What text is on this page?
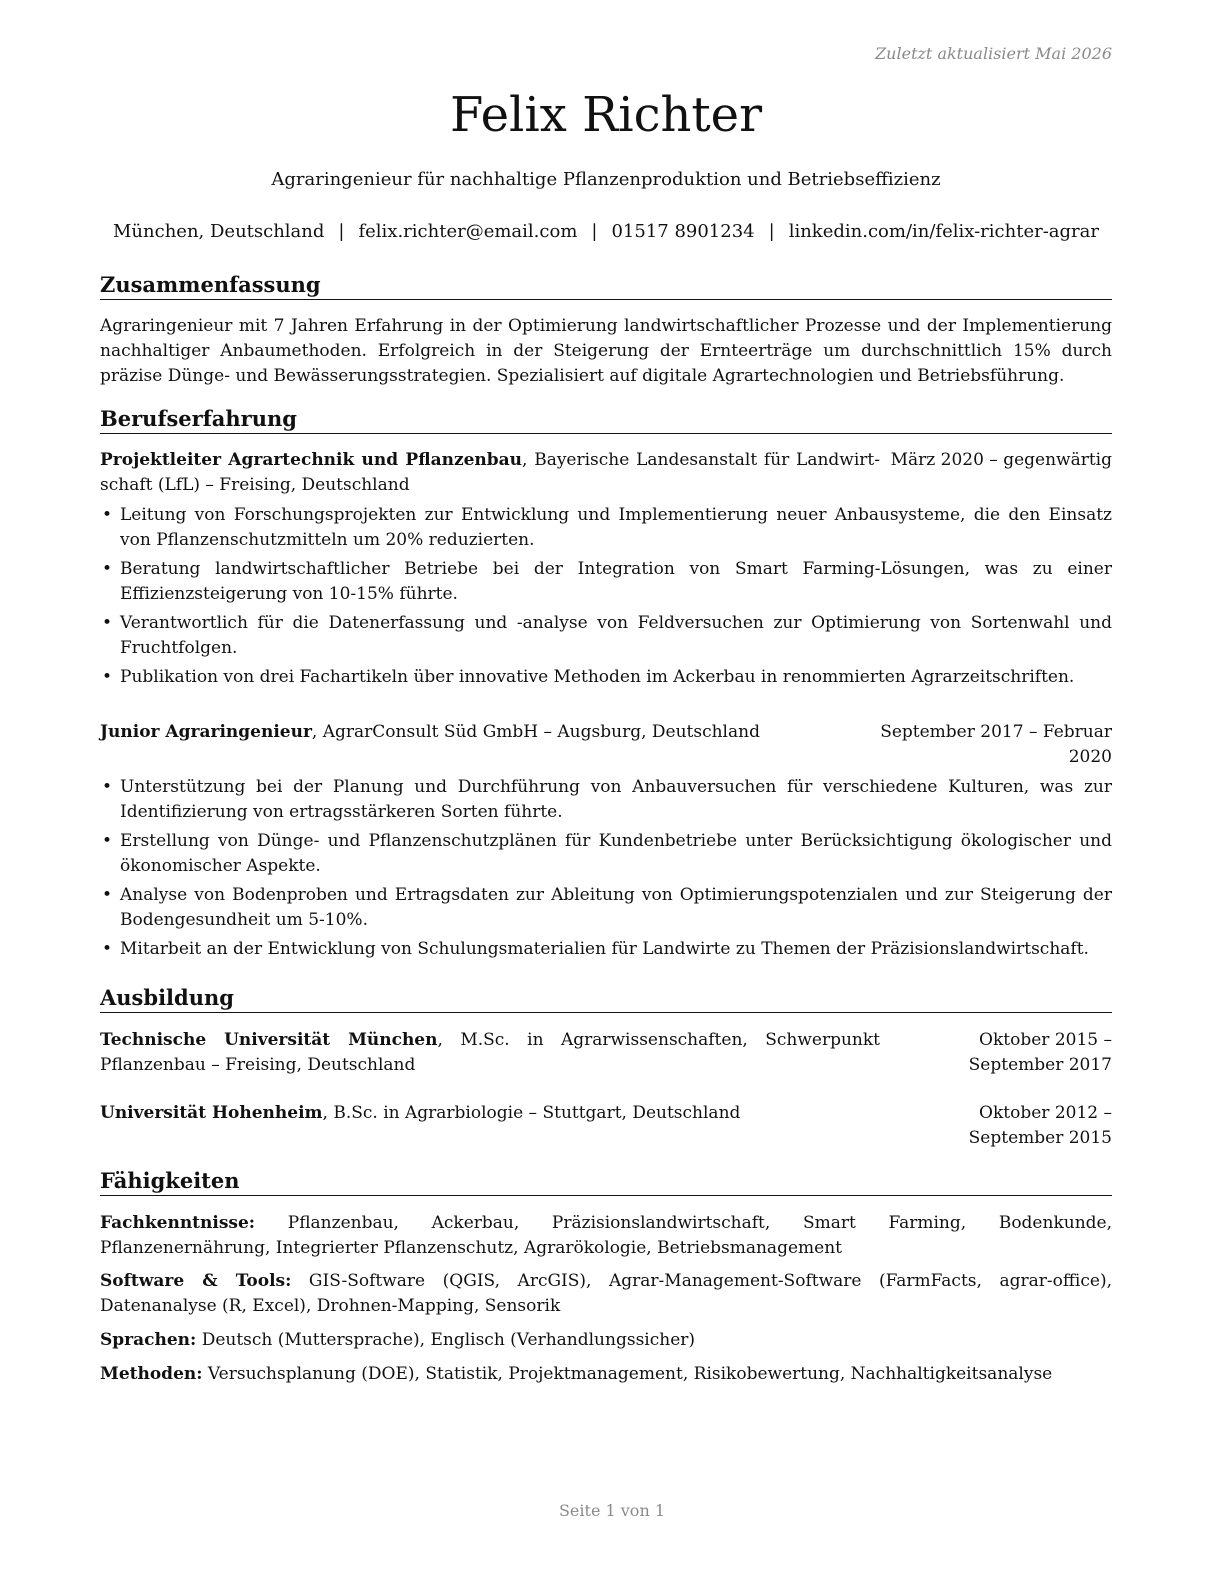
Zuletzt aktualisiert Mai 2026
Felix Richter
Agraringenieur für nachhaltige Pflanzenproduktion und Betriebseffizienz
München, Deutschland | felix.richter@email.com | 01517 8901234 | linkedin.com/in/felix-richter-agrar
Zusammenfassung
Agraringenieur mit 7 Jahren Erfahrung in der Optimierung landwirtschaftlicher Prozesse und der Implementierung nachhaltiger Anbaumethoden. Erfolgreich in der Steigerung der Ernteerträge um durchschnittlich 15% durch präzise Dünge- und Bewässerungsstrategien. Spezialisiert auf digitale Agrartechnologien und Betriebsführung.
Berufserfahrung
Projektleiter Agrartechnik und Pflanzenbau, Bayerische Landesanstalt für Landwirtschaft (LfL) – Freising, Deutschland
März 2020 – gegenwärtig
• Leitung von Forschungsprojekten zur Entwicklung und Implementierung neuer Anbausysteme, die den Einsatz von Pflanzenschutzmitteln um 20% reduzierten.
• Beratung landwirtschaftlicher Betriebe bei der Integration von Smart Farming-Lösungen, was zu einer Effizienzsteigerung von 10-15% führte.
• Verantwortlich für die Datenerfassung und -analyse von Feldversuchen zur Optimierung von Sortenwahl und Fruchtfolgen.
• Publikation von drei Fachartikeln über innovative Methoden im Ackerbau in renommierten Agrarzeitschriften.
Junior Agraringenieur, AgrarConsult Süd GmbH – Augsburg, Deutschland	September 2017 – Februar 2020
• Unterstützung bei der Planung und Durchführung von Anbauversuchen für verschiedene Kulturen, was zur Identifizierung von ertragsstärkeren Sorten führte.
• Erstellung von Dünge- und Pflanzenschutzplänen für Kundenbetriebe unter Berücksichtigung ökologischer und ökonomischer Aspekte.
• Analyse von Bodenproben und Ertragsdaten zur Ableitung von Optimierungspotenzialen und zur Steigerung der Bodengesundheit um 5-10%.
• Mitarbeit an der Entwicklung von Schulungsmaterialien für Landwirte zu Themen der Präzisionslandwirtschaft.
Ausbildung
Technische Universität München, M.Sc. in Agrarwissenschaften, Schwerpunkt Pflanzenbau – Freising, Deutschland
Oktober 2015 – September 2017
Universität Hohenheim, B.Sc. in Agrarbiologie – Stuttgart, Deutschland	Oktober 2012 – September 2015
Fähigkeiten
Fachkenntnisse: Pflanzenbau, Ackerbau, Präzisionslandwirtschaft, Smart Farming, Bodenkunde, Pflanzenernährung, Integrierter Pflanzenschutz, Agrarökologie, Betriebsmanagement
Software & Tools: GIS-Software (QGIS, ArcGIS), Agrar-Management-Software (FarmFacts, agrar-office), Datenanalyse (R, Excel), Drohnen-Mapping, Sensorik
Sprachen: Deutsch (Muttersprache), Englisch (Verhandlungssicher)
Methoden: Versuchsplanung (DOE), Statistik, Projektmanagement, Risikobewertung, Nachhaltigkeitsanalyse
Seite 1 von 1
